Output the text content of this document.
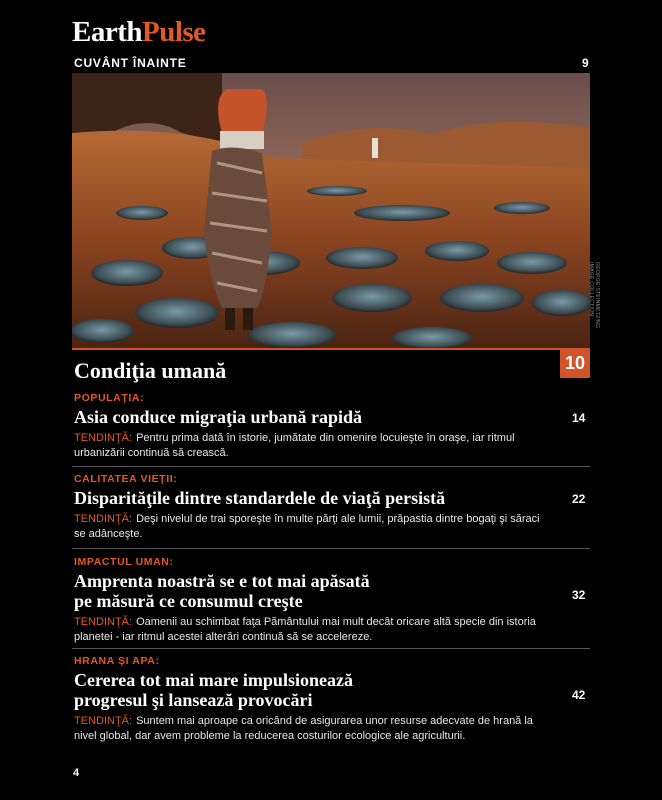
EarthPulse
CUVÂNT ÎNAINTE	9
GEORGE STEINMETZ/NG IMAGE COLLECTION
Condiţia umană	10
POPULAŢIA:
Asia conduce migraţia urbană rapidă
TENDINŢĂ: Pentru prima dată în istorie, jumătate din omenire locuieşte în oraşe, iar ritmul urbanizării continuă să crească.
14
CALITATEA VIEŢII:
Disparităţile dintre standardele de viaţă persistă
TENDINŢĂ: Deşi nivelul de trai sporeşte în multe părţi ale lumii, prăpastia dintre bogaţi şi săraci se adânceşte.
22
IMPACTUL UMAN:
Amprenta noastră se e tot mai apăsată
pe măsură ce consumul creşte
TENDINŢĂ: Oamenii au schimbat faţa Pământului mai mult decât oricare altă specie din istoria planetei - iar ritmul acestei alterări continuă să se accelereze.
32
HRANA ŞI APA:
Cererea tot mai mare impulsionează
progresul şi lansează provocări
TENDINŢĂ: Suntem mai aproape ca oricând de asigurarea unor resurse adecvate de hrană la nivel global, dar avem probleme la reducerea costurilor ecologice ale agriculturii.
42
4
